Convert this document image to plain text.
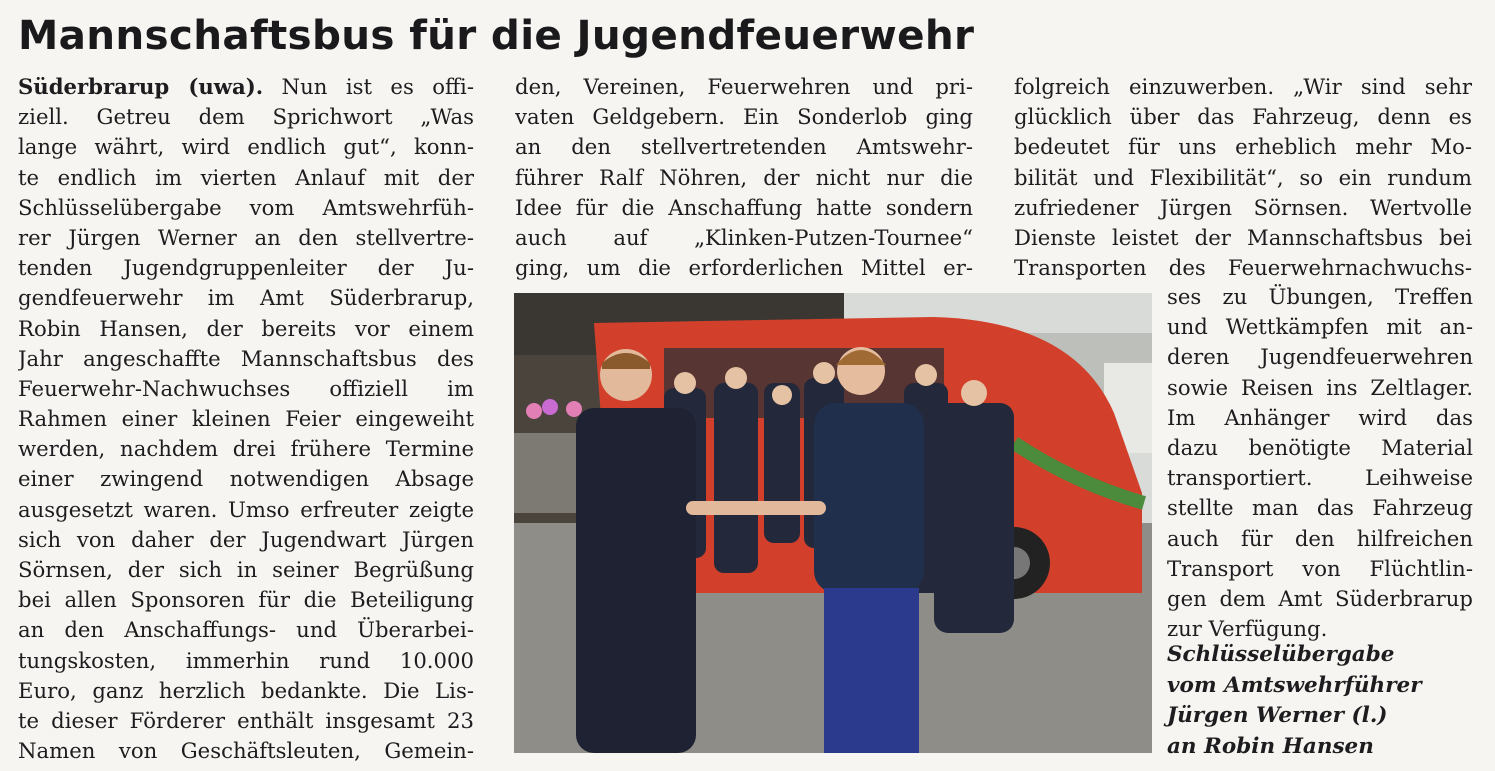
Mannschaftsbus für die Jugendfeuerwehr
Süderbrarup (uwa). Nun ist es offi-
ziell. Getreu dem Sprichwort „Was
lange währt, wird endlich gut“, konn-
te endlich im vierten Anlauf mit der
Schlüsselübergabe vom Amtswehrfüh-
rer Jürgen Werner an den stellvertre-
tenden Jugendgruppenleiter der Ju-
gendfeuerwehr im Amt Süderbrarup,
Robin Hansen, der bereits vor einem
Jahr angeschaffte Mannschaftsbus des
Feuerwehr-Nachwuchses offiziell im
Rahmen einer kleinen Feier eingeweiht
werden, nachdem drei frühere Termine
einer zwingend notwendigen Absage
ausgesetzt waren. Umso erfreuter zeigte
sich von daher der Jugendwart Jürgen
Sörnsen, der sich in seiner Begrüßung
bei allen Sponsoren für die Beteiligung
an den Anschaffungs- und Überarbei-
tungskosten, immerhin rund 10.000
Euro, ganz herzlich bedankte. Die Lis-
te dieser Förderer enthält insgesamt 23
Namen von Geschäftsleuten, Gemein-
den, Vereinen, Feuerwehren und pri-
vaten Geldgebern. Ein Sonderlob ging
an den stellvertretenden Amtswehr-
führer Ralf Nöhren, der nicht nur die
Idee für die Anschaffung hatte sondern
auch auf „Klinken-Putzen-Tournee“
ging, um die erforderlichen Mittel er-
folgreich einzuwerben. „Wir sind sehr
glücklich über das Fahrzeug, denn es
bedeutet für uns erheblich mehr Mo-
bilität und Flexibilität“, so ein rundum
zufriedener Jürgen Sörnsen. Wertvolle
Dienste leistet der Mannschaftsbus bei
Transporten des Feuerwehrnachwuchs-
ses zu Übungen, Treffen
und Wettkämpfen mit an-
deren Jugendfeuerwehren
sowie Reisen ins Zeltlager.
Im Anhänger wird das
dazu benötigte Material
transportiert. Leihweise
stellte man das Fahrzeug
auch für den hilfreichen
Transport von Flüchtlin-
gen dem Amt Süderbrarup
zur Verfügung.
Schlüsselübergabe
vom Amtswehrführer
Jürgen Werner (l.)
an Robin Hansen
